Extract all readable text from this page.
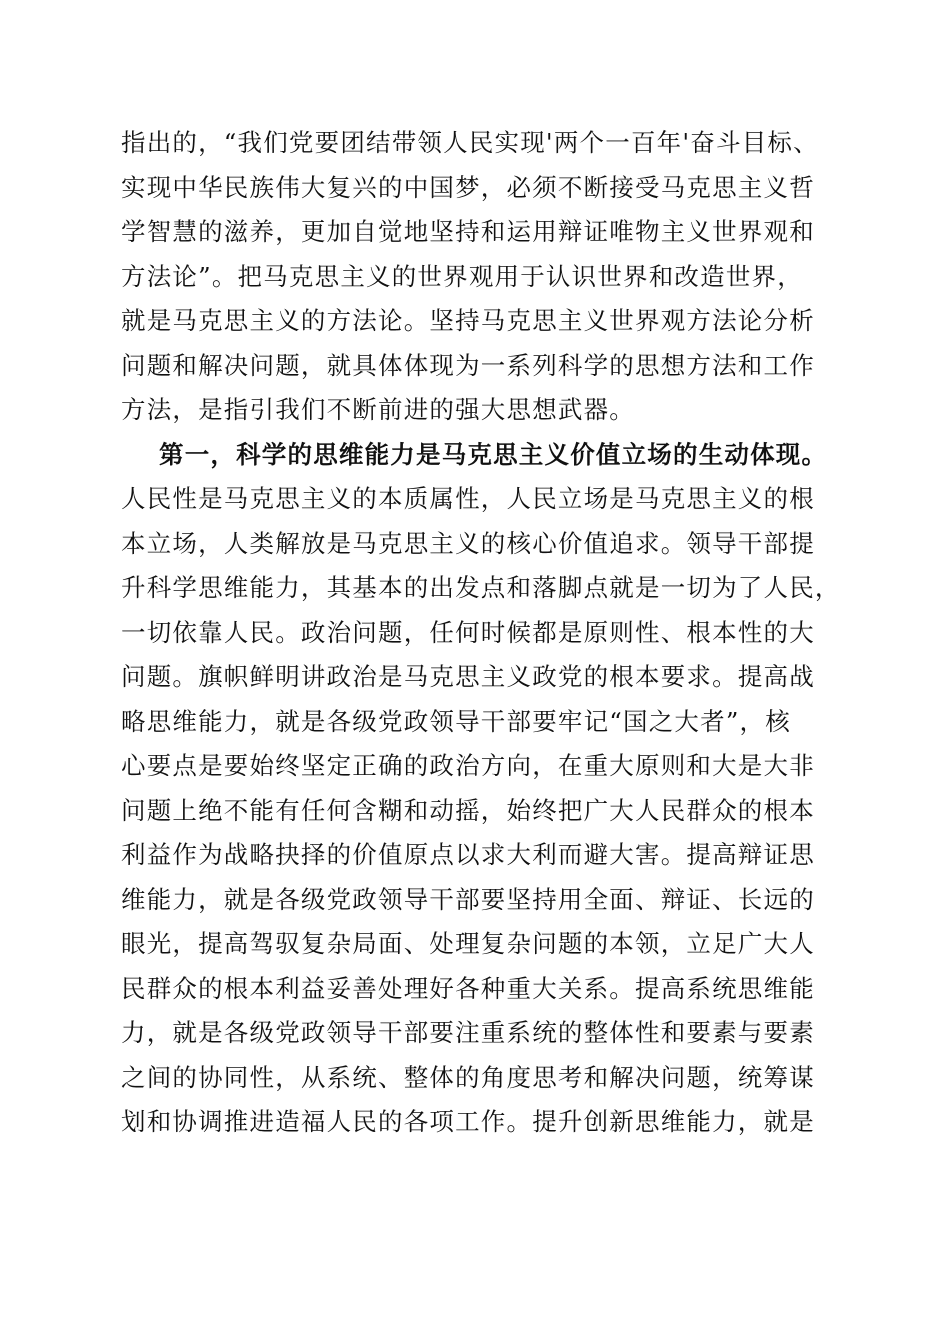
指出的，“我们党要团结带领人民实现'两个一百年'奋斗目标、
实现中华民族伟大复兴的中国梦，必须不断接受马克思主义哲
学智慧的滋养，更加自觉地坚持和运用辩证唯物主义世界观和
方法论”。把马克思主义的世界观用于认识世界和改造世界，
就是马克思主义的方法论。坚持马克思主义世界观方法论分析
问题和解决问题，就具体体现为一系列科学的思想方法和工作
方法，是指引我们不断前进的强大思想武器。
第一，科学的思维能力是马克思主义价值立场的生动体现。
人民性是马克思主义的本质属性，人民立场是马克思主义的根
本立场，人类解放是马克思主义的核心价值追求。领导干部提
升科学思维能力，其基本的出发点和落脚点就是一切为了人民，
一切依靠人民。政治问题，任何时候都是原则性、根本性的大
问题。旗帜鲜明讲政治是马克思主义政党的根本要求。提高战
略思维能力，就是各级党政领导干部要牢记“国之大者”，核
心要点是要始终坚定正确的政治方向，在重大原则和大是大非
问题上绝不能有任何含糊和动摇，始终把广大人民群众的根本
利益作为战略抉择的价值原点以求大利而避大害。提高辩证思
维能力，就是各级党政领导干部要坚持用全面、辩证、长远的
眼光，提高驾驭复杂局面、处理复杂问题的本领，立足广大人
民群众的根本利益妥善处理好各种重大关系。提高系统思维能
力，就是各级党政领导干部要注重系统的整体性和要素与要素
之间的协同性，从系统、整体的角度思考和解决问题，统筹谋
划和协调推进造福人民的各项工作。提升创新思维能力，就是
